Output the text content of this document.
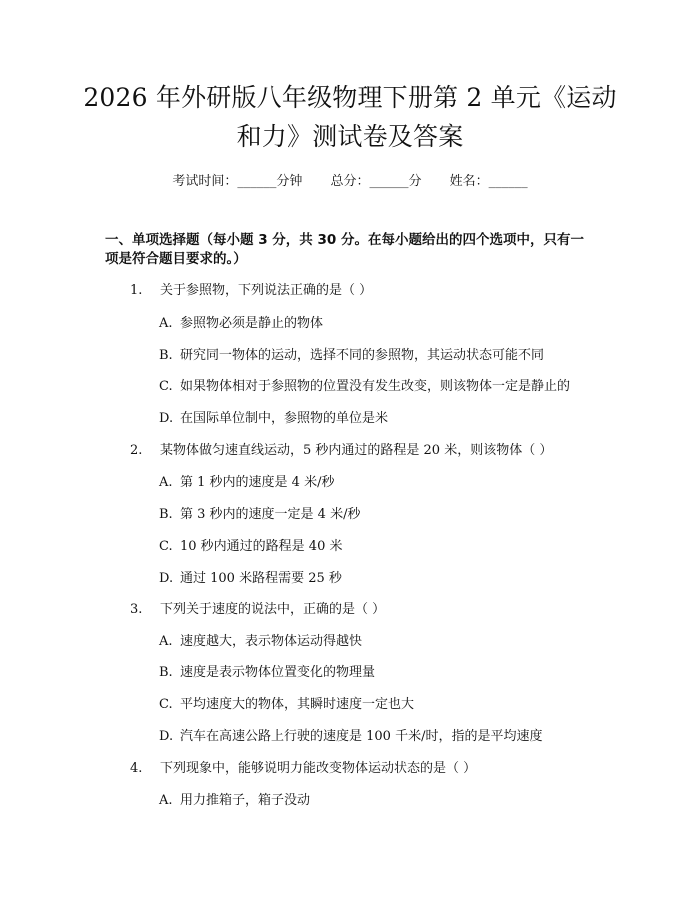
2026 年外研版八年级物理下册第 2 单元《运动和力》测试卷及答案
考试时间：______分钟 总分：______分 姓名：______
一、单项选择题（每小题 3 分，共 30 分。在每小题给出的四个选项中，只有一项是符合题目要求的。）
1. 关于参照物，下列说法正确的是（ ）
A. 参照物必须是静止的物体
B. 研究同一物体的运动，选择不同的参照物，其运动状态可能不同
C. 如果物体相对于参照物的位置没有发生改变，则该物体一定是静止的
D. 在国际单位制中，参照物的单位是米
2. 某物体做匀速直线运动，5 秒内通过的路程是 20 米，则该物体（ ）
A. 第 1 秒内的速度是 4 米/秒
B. 第 3 秒内的速度一定是 4 米/秒
C. 10 秒内通过的路程是 40 米
D. 通过 100 米路程需要 25 秒
3. 下列关于速度的说法中，正确的是（ ）
A. 速度越大，表示物体运动得越快
B. 速度是表示物体位置变化的物理量
C. 平均速度大的物体，其瞬时速度一定也大
D. 汽车在高速公路上行驶的速度是 100 千米/时，指的是平均速度
4. 下列现象中，能够说明力能改变物体运动状态的是（ ）
A. 用力推箱子，箱子没动
